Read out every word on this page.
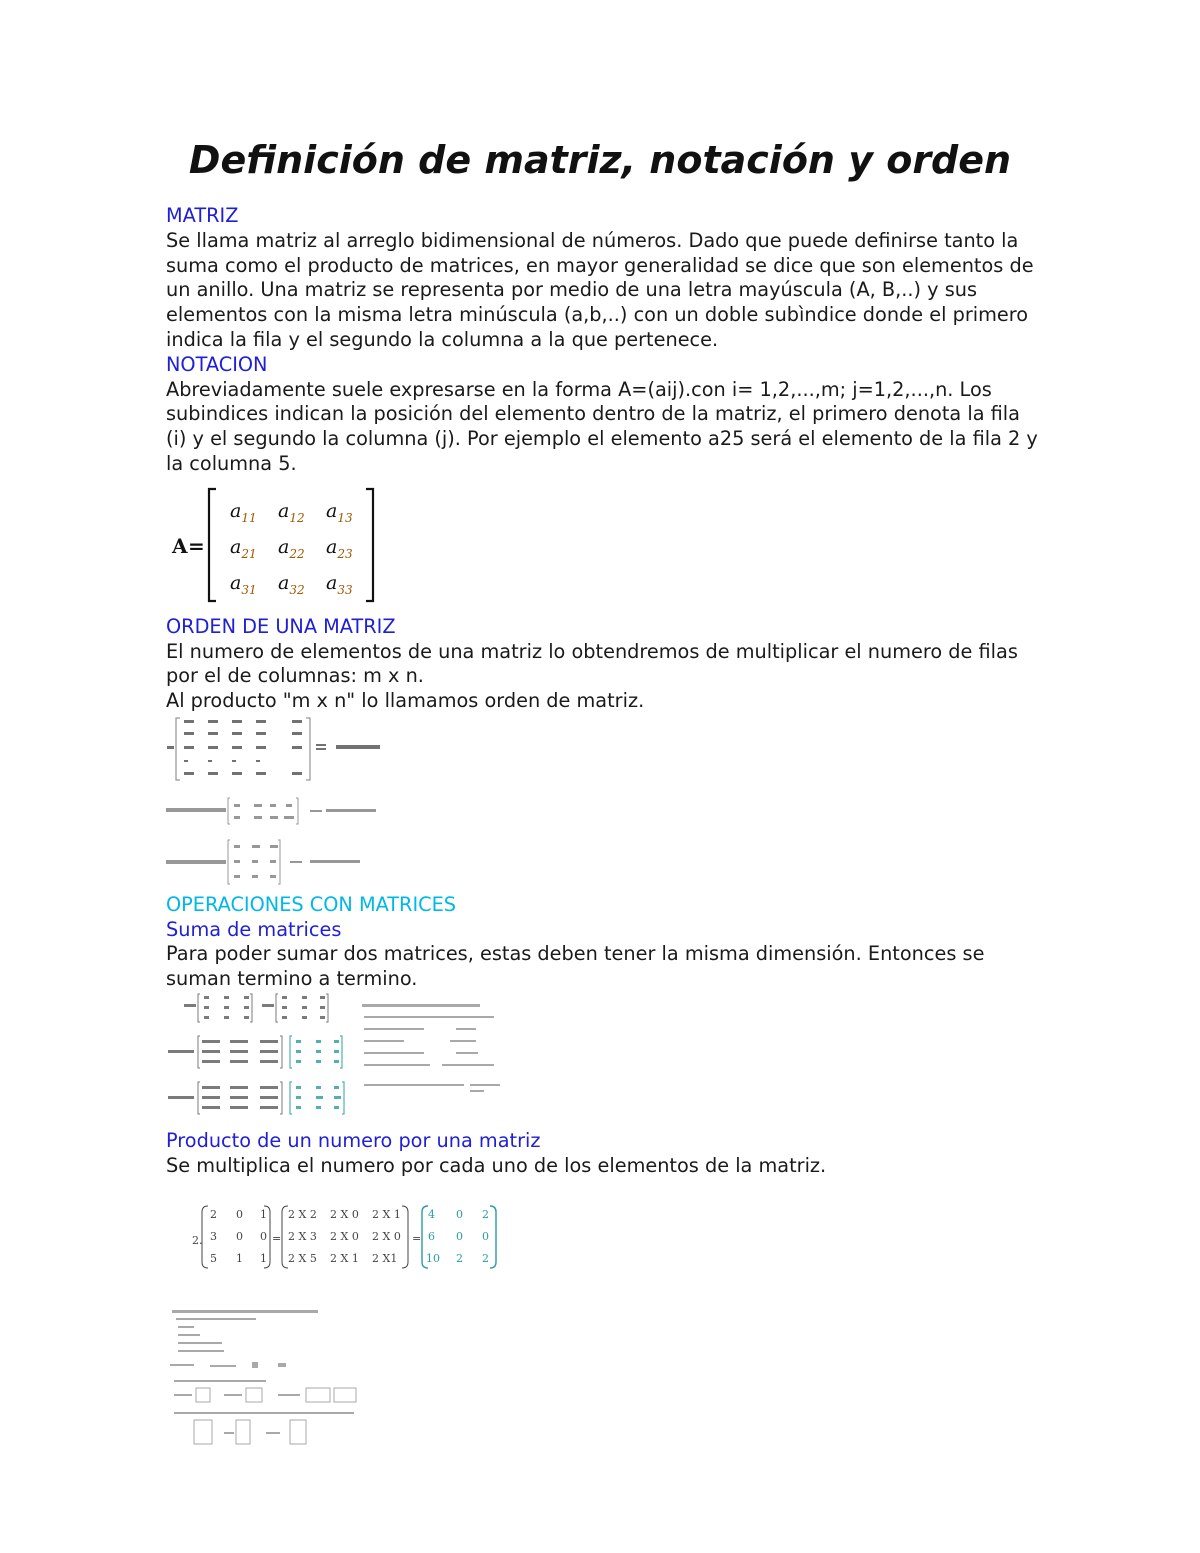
Definición de matriz, notación y orden

MATRIZ

Se llama matriz al arreglo bidimensional de números. Dado que puede definirse tanto la suma como el producto de matrices, en mayor generalidad se dice que son elementos de un anillo. Una matriz se representa por medio de una letra mayúscula (A, B,..) y sus elementos con la misma letra minúscula (a,b,..) con un doble subìndice donde el primero indica la fila y el segundo la columna a la que pertenece.

NOTACION

Abreviadamente suele expresarse en la forma A=(aij).con i= 1,2,...,m; j=1,2,...,n. Los subindices indican la posición del elemento dentro de la matriz, el primero denota la fila (i) y el segundo la columna (j). Por ejemplo el elemento a25 será el elemento de la fila 2 y la columna 5.

A =
$a_{11}$ $a_{12}$ $a_{13}$
$a_{21}$ $a_{22}$ $a_{23}$
$a_{31}$ $a_{32}$ $a_{33}$

ORDEN DE UNA MATRIZ

El numero de elementos de una matriz lo obtendremos de multiplicar el numero de filas por el de columnas: m x n.

Al producto "m x n" lo llamamos orden de matriz.

OPERACIONES CON MATRICES

Suma de matrices

Para poder sumar dos matrices, estas deben tener la misma dimensión. Entonces se suman termino a termino.

Producto de un numero por una matriz

Se multiplica el numero por cada uno de los elementos de la matriz.

2 .
2 0 1
3 0 0
5 1 1
=
2 X 2 2 X 0 2 X 1
2 X 3 2 X 0 2 X 0
2 X 5 2 X 1 2 X1
=
4 0 2
6 0 0
10 2 2
